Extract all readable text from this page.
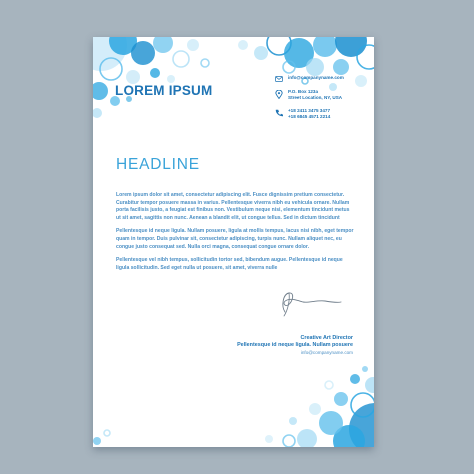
LOREM IPSUM
info@companyname.com
P.O. Box 123a
Street Location, NY, USA
+18 2411 3475 3477
+18 6845 4571 2214
HEADLINE

Lorem ipsum dolor sit amet, consectetur adipiscing elit. Fusce dignissim pretium consectetur. Curabitur tempor posuere massa in varius. Pellentesque viverra nibh eu vehicula ornare. Nullam porta facilisis justo, a feugiat est finibus non. Vestibulum neque nisi, elementum tincidunt metus ut sit amet, sagittis non nunc. Aenean a blandit elit, ut congue tellus. Sed in dictum tincidunt

Pellentesque id neque ligula. Nullam posuere, ligula at mollis tempus, lacus nisi nibh, eget tempor quam in tempor. Duis pulvinar sit, consectetur adipiscing, turpis nunc. Nullam aliquet nec, eu congue justo consequat sed. Nulla orci magna, consequat congue ornare dolor.

Pellentesque vel nibh tempus, sollicitudin tortor sed, bibendum augue. Pellentesque id neque ligula sollicitudin. Sed eget nulla ut posuere, sit amet, viverra nulle

Creative Art Director
Pellentesque id neque ligula. Nullam posuere
info@companyname.com
